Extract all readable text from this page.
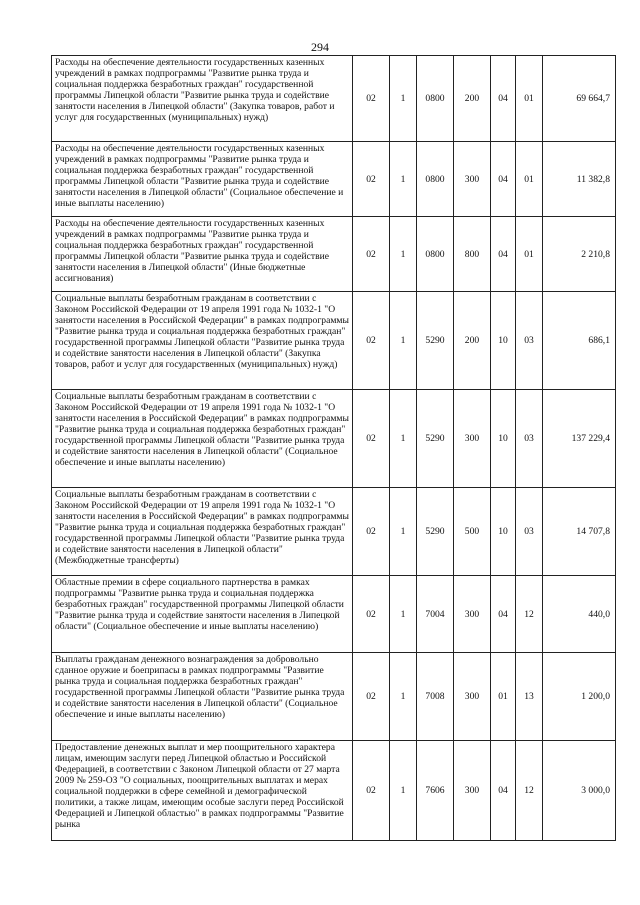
294
Расходы на обеспечение деятельности государственных казенных учреждений в рамках подпрограммы "Развитие рынка труда и социальная поддержка безработных граждан" государственной программы Липецкой области "Развитие рынка труда и содействие занятости населения в Липецкой области" (Закупка товаров, работ и услуг для государственных (муниципальных) нужд)	02	1	0800	200	04	01	69 664,7
Расходы на обеспечение деятельности государственных казенных учреждений в рамках подпрограммы "Развитие рынка труда и социальная поддержка безработных граждан" государственной программы Липецкой области "Развитие рынка труда и содействие занятости населения в Липецкой области" (Социальное обеспечение и иные выплаты населению)	02	1	0800	300	04	01	11 382,8
Расходы на обеспечение деятельности государственных казенных учреждений в рамках подпрограммы "Развитие рынка труда и социальная поддержка безработных граждан" государственной программы Липецкой области "Развитие рынка труда и содействие занятости населения в Липецкой области" (Иные бюджетные ассигнования)	02	1	0800	800	04	01	2 210,8
Социальные выплаты безработным гражданам в соответствии с Законом Российской Федерации от 19 апреля 1991 года № 1032-1 "О занятости населения в Российской Федерации" в рамках подпрограммы "Развитие рынка труда и социальная поддержка безработных граждан" государственной программы Липецкой области "Развитие рынка труда и содействие занятости населения в Липецкой области" (Закупка товаров, работ и услуг для государственных (муниципальных) нужд)	02	1	5290	200	10	03	686,1
Социальные выплаты безработным гражданам в соответствии с Законом Российской Федерации от 19 апреля 1991 года № 1032-1 "О занятости населения в Российской Федерации" в рамках подпрограммы "Развитие рынка труда и социальная поддержка безработных граждан" государственной программы Липецкой области "Развитие рынка труда и содействие занятости населения в Липецкой области" (Социальное обеспечение и иные выплаты населению)	02	1	5290	300	10	03	137 229,4
Социальные выплаты безработным гражданам в соответствии с Законом Российской Федерации от 19 апреля 1991 года № 1032-1 "О занятости населения в Российской Федерации" в рамках подпрограммы "Развитие рынка труда и социальная поддержка безработных граждан" государственной программы Липецкой области "Развитие рынка труда и содействие занятости населения в Липецкой области" (Межбюджетные трансферты)	02	1	5290	500	10	03	14 707,8
Областные премии в сфере социального партнерства в рамках подпрограммы "Развитие рынка труда и социальная поддержка безработных граждан" государственной программы Липецкой области "Развитие рынка труда и содействие занятости населения в Липецкой области" (Социальное обеспечение и иные выплаты населению)	02	1	7004	300	04	12	440,0
Выплаты гражданам денежного вознаграждения за добровольно сданное оружие и боеприпасы в рамках подпрограммы "Развитие рынка труда и социальная поддержка безработных граждан" государственной программы Липецкой области "Развитие рынка труда и содействие занятости населения в Липецкой области" (Социальное обеспечение и иные выплаты населению)	02	1	7008	300	01	13	1 200,0
Предоставление денежных выплат и мер поощрительного характера лицам, имеющим заслуги перед Липецкой областью и Российской Федерацией, в соответствии с Законом Липецкой области от 27 марта 2009 № 259-ОЗ "О социальных, поощрительных выплатах и мерах социальной поддержки в сфере семейной и демографической политики, а также лицам, имеющим особые заслуги перед Российской Федерацией и Липецкой областью" в рамках подпрограммы "Развитие рынка	02	1	7606	300	04	12	3 000,0
